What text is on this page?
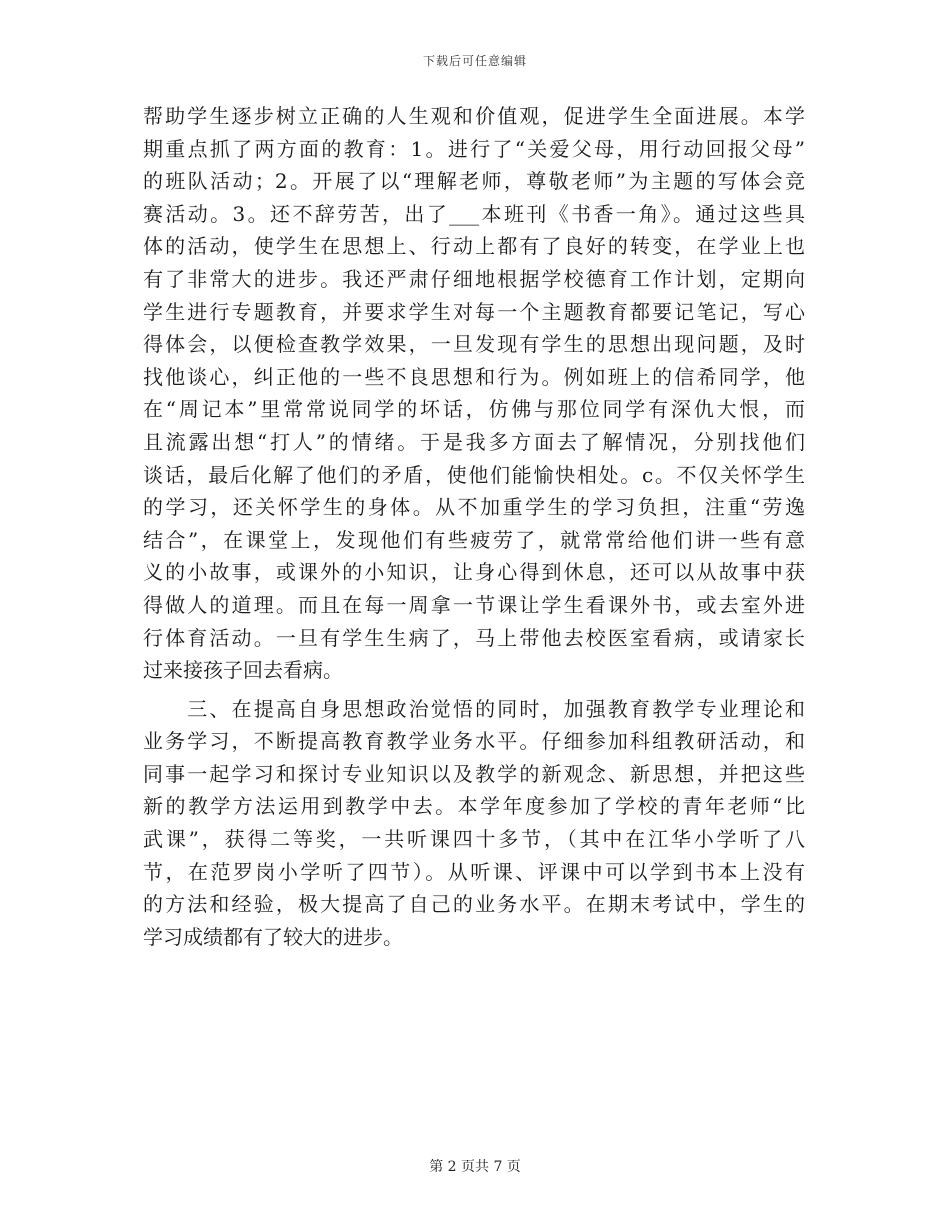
下载后可任意编辑
帮助学生逐步树立正确的人生观和价值观，促进学生全面进展。本学
期重点抓了两方面的教育：1。进行了“关爱父母，用行动回报父母”
的班队活动；2。开展了以“理解老师，尊敬老师”为主题的写体会竞
赛活动。3。还不辞劳苦，出了___本班刊《书香一角》。通过这些具
体的活动，使学生在思想上、行动上都有了良好的转变，在学业上也
有了非常大的进步。我还严肃仔细地根据学校德育工作计划，定期向
学生进行专题教育，并要求学生对每一个主题教育都要记笔记，写心
得体会，以便检查教学效果，一旦发现有学生的思想出现问题，及时
找他谈心，纠正他的一些不良思想和行为。例如班上的信希同学，他
在“周记本”里常常说同学的坏话，仿佛与那位同学有深仇大恨，而
且流露出想“打人”的情绪。于是我多方面去了解情况，分别找他们
谈话，最后化解了他们的矛盾，使他们能愉快相处。c。不仅关怀学生
的学习，还关怀学生的身体。从不加重学生的学习负担，注重“劳逸
结合”，在课堂上，发现他们有些疲劳了，就常常给他们讲一些有意
义的小故事，或课外的小知识，让身心得到休息，还可以从故事中获
得做人的道理。而且在每一周拿一节课让学生看课外书，或去室外进
行体育活动。一旦有学生生病了，马上带他去校医室看病，或请家长
过来接孩子回去看病。
　　三、在提高自身思想政治觉悟的同时，加强教育教学专业理论和
业务学习，不断提高教育教学业务水平。仔细参加科组教研活动，和
同事一起学习和探讨专业知识以及教学的新观念、新思想，并把这些
新的教学方法运用到教学中去。本学年度参加了学校的青年老师“比
武课”，获得二等奖，一共听课四十多节，（其中在江华小学听了八
节，在范罗岗小学听了四节）。从听课、评课中可以学到书本上没有
的方法和经验，极大提高了自己的业务水平。在期末考试中，学生的
学习成绩都有了较大的进步。
第 2 页共 7 页
